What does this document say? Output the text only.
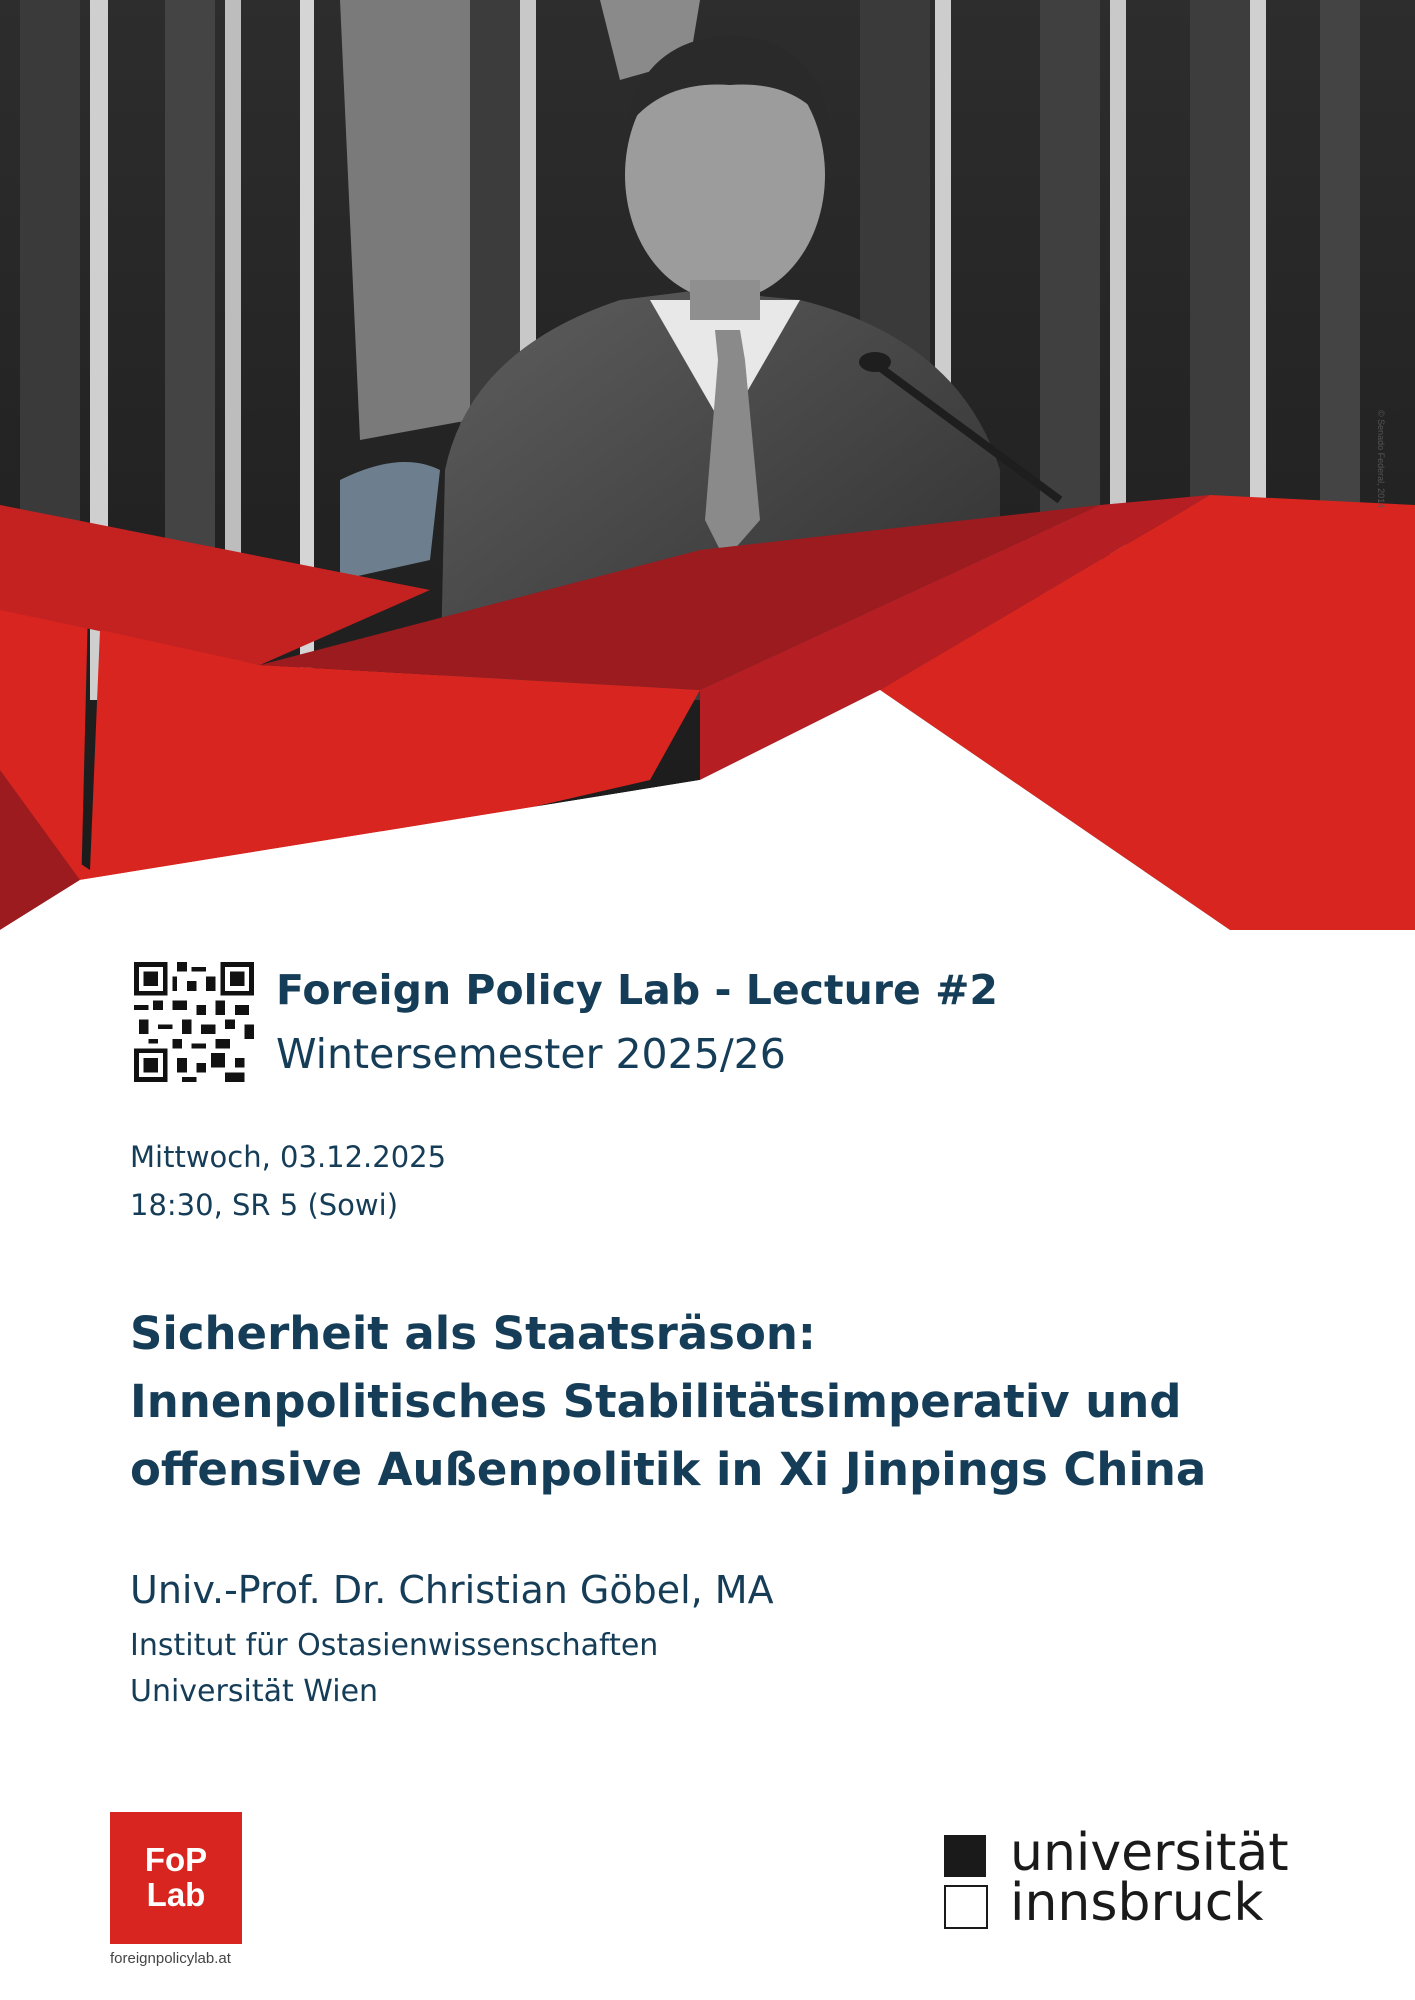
© Senado Federal, 2014
Foreign Policy Lab - Lecture #2
Wintersemester 2025/26
Mittwoch, 03.12.2025
18:30, SR 5 (Sowi)
Sicherheit als Staatsräson:
Innenpolitisches Stabilitätsimperativ und
offensive Außenpolitik in Xi Jinpings China
Univ.-Prof. Dr. Christian Göbel, MA
Institut für Ostasienwissenschaften
Universität Wien
FoP
Lab
foreignpolicylab.at
universität
innsbruck
